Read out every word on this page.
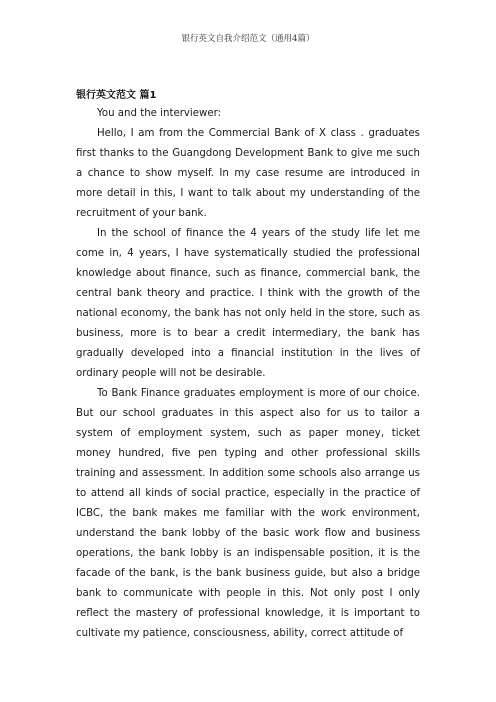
银行英文自我介绍范文（通用4篇）
银行英文范文 篇1

You and the interviewer:

Hello, I am from the Commercial Bank of X class . graduates first thanks to the Guangdong Development Bank to give me such a chance to show myself. In my case resume are introduced in more detail in this, I want to talk about my understanding of the recruitment of your bank.

In the school of finance the 4 years of the study life let me come in, 4 years, I have systematically studied the professional knowledge about finance, such as finance, commercial bank, the central bank theory and practice. I think with the growth of the national economy, the bank has not only held in the store, such as business, more is to bear a credit intermediary, the bank has gradually developed into a financial institution in the lives of ordinary people will not be desirable.

To Bank Finance graduates employment is more of our choice. But our school graduates in this aspect also for us to tailor a system of employment system, such as paper money, ticket money hundred, five pen typing and other professional skills training and assessment. In addition some schools also arrange us to attend all kinds of social practice, especially in the practice of ICBC, the bank makes me familiar with the work environment, understand the bank lobby of the basic work flow and business operations, the bank lobby is an indispensable position, it is the facade of the bank, is the bank business guide, but also a bridge bank to communicate with people in this. Not only post I only reflect the mastery of professional knowledge, it is important to cultivate my patience, consciousness, ability, correct attitude of
